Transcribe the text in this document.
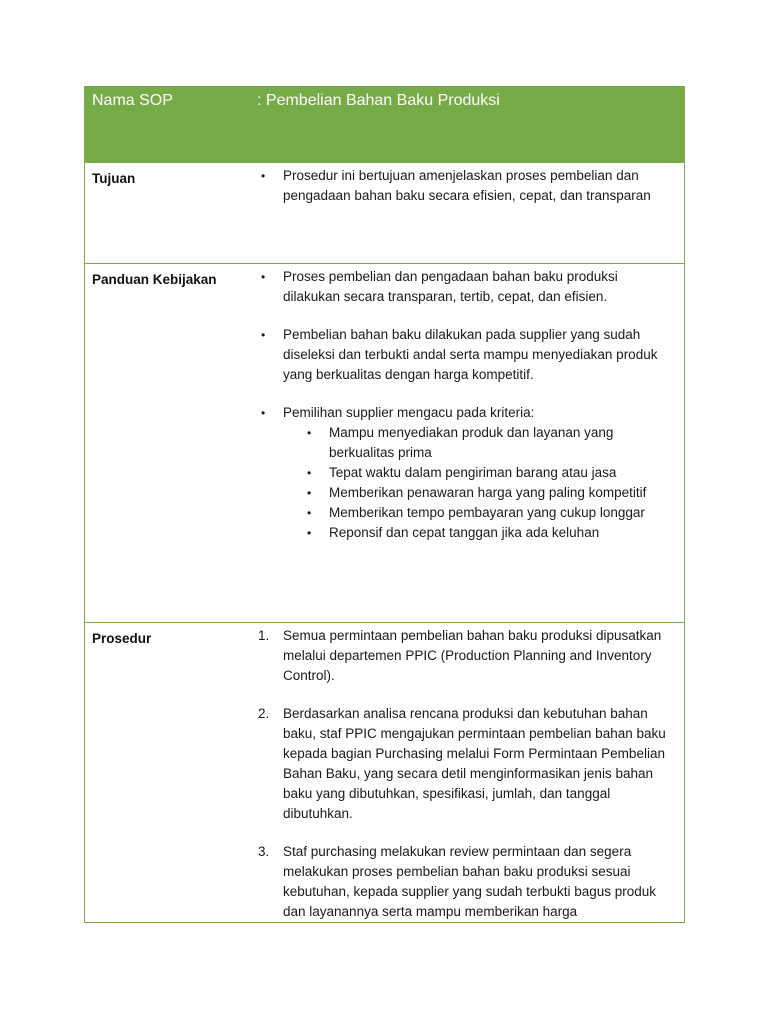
Nama SOP	: Pembelian Bahan Baku Produksi
Tujuan	• Prosedur ini bertujuan amenjelaskan proses pembelian dan pengadaan bahan baku secara efisien, cepat, dan transparan
Panduan Kebijakan	• Proses pembelian dan pengadaan bahan baku produksi dilakukan secara transparan, tertib, cepat, dan efisien.
• Pembelian bahan baku dilakukan pada supplier yang sudah diseleksi dan terbukti andal serta mampu menyediakan produk yang berkualitas dengan harga kompetitif.
• Pemilihan supplier mengacu pada kriteria:
• Mampu menyediakan produk dan layanan yang berkualitas prima
• Tepat waktu dalam pengiriman barang atau jasa
• Memberikan penawaran harga yang paling kompetitif
• Memberikan tempo pembayaran yang cukup longgar
• Reponsif dan cepat tanggan jika ada keluhan
Prosedur	1. Semua permintaan pembelian bahan baku produksi dipusatkan melalui departemen PPIC (Production Planning and Inventory Control).
2. Berdasarkan analisa rencana produksi dan kebutuhan bahan baku, staf PPIC mengajukan permintaan pembelian bahan baku kepada bagian Purchasing melalui Form Permintaan Pembelian Bahan Baku, yang secara detil menginformasikan jenis bahan baku yang dibutuhkan, spesifikasi, jumlah, dan tanggal dibutuhkan.
3. Staf purchasing melakukan review permintaan dan segera melakukan proses pembelian bahan baku produksi sesuai kebutuhan, kepada supplier yang sudah terbukti bagus produk dan layanannya serta mampu memberikan harga
